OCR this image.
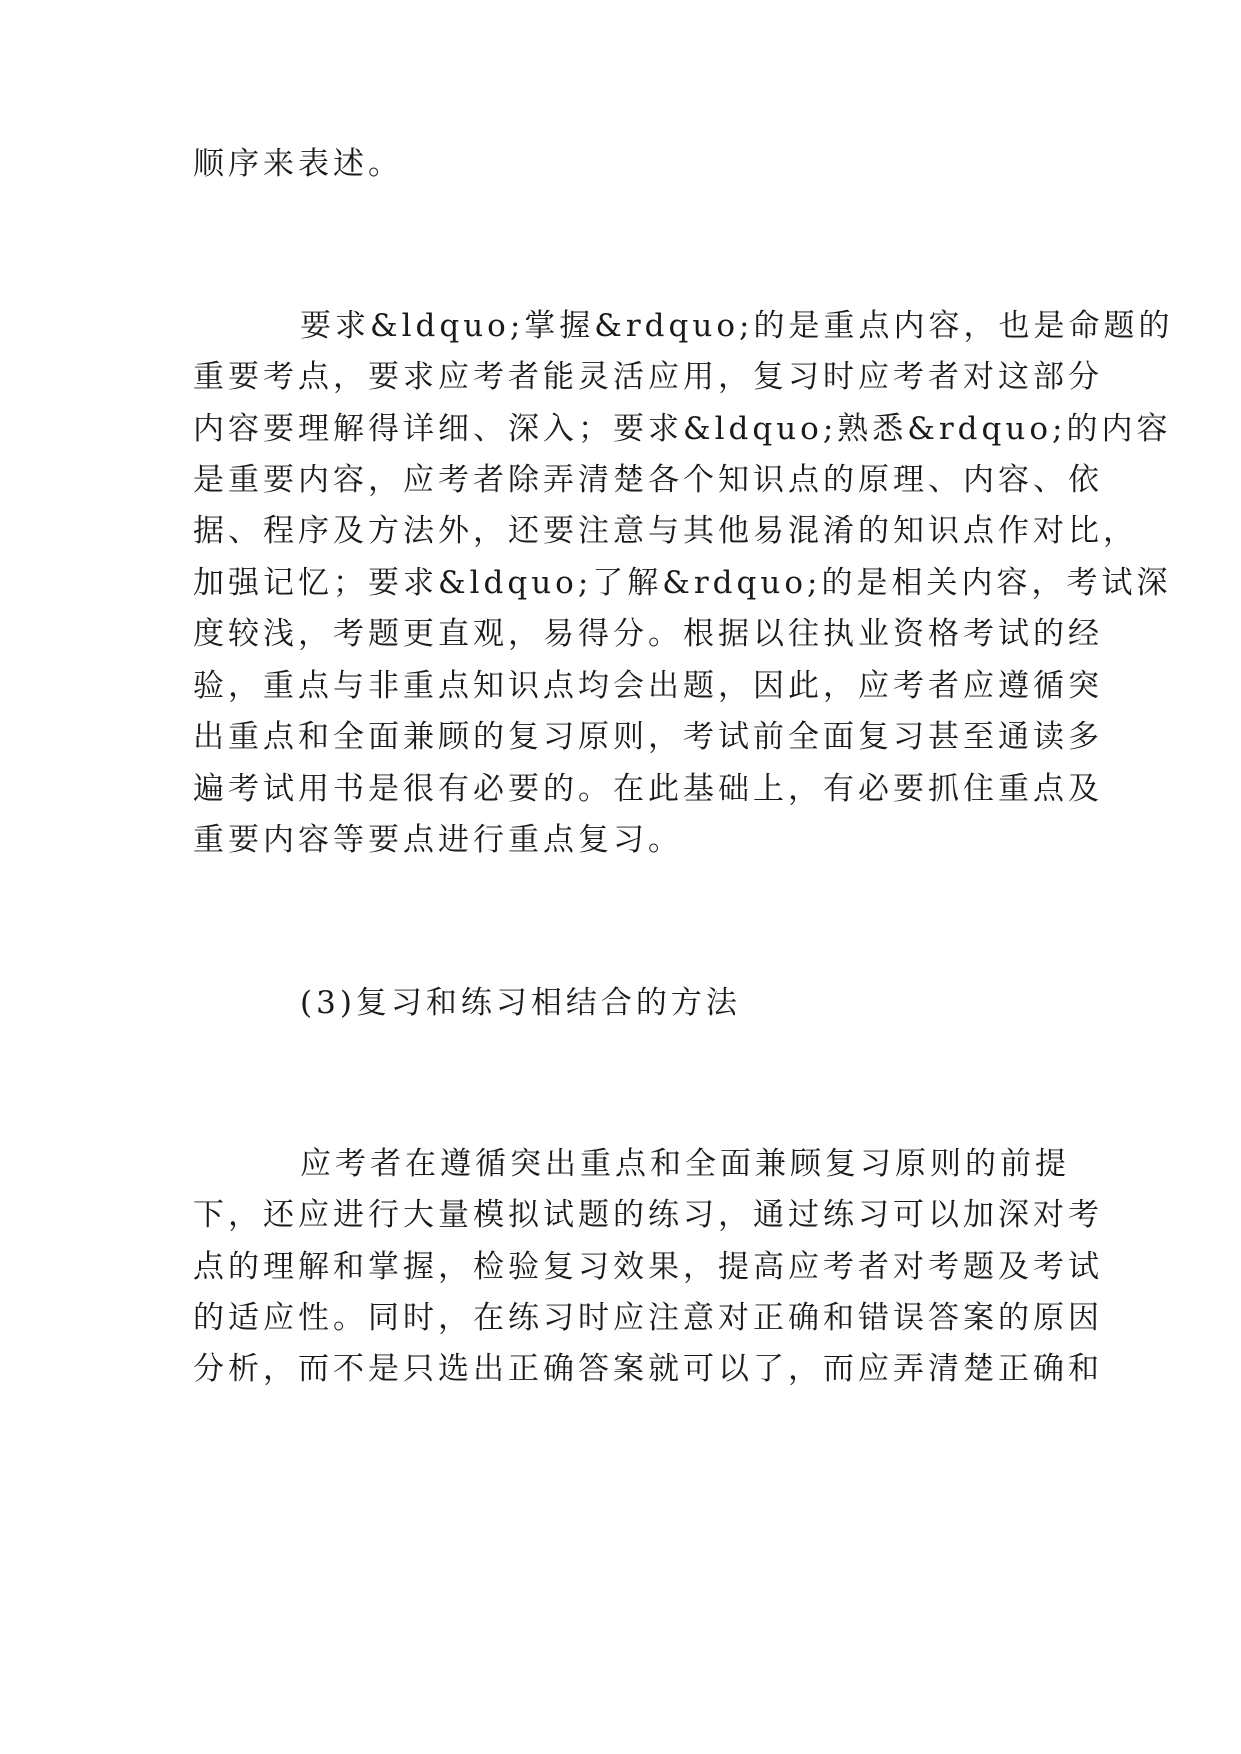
顺序来表述。
要求&ldquo;掌握&rdquo;的是重点内容，也是命题的
重要考点，要求应考者能灵活应用，复习时应考者对这部分
内容要理解得详细、深入；要求&ldquo;熟悉&rdquo;的内容
是重要内容，应考者除弄清楚各个知识点的原理、内容、依
据、程序及方法外，还要注意与其他易混淆的知识点作对比，
加强记忆；要求&ldquo;了解&rdquo;的是相关内容，考试深
度较浅，考题更直观，易得分。根据以往执业资格考试的经
验，重点与非重点知识点均会出题，因此，应考者应遵循突
出重点和全面兼顾的复习原则，考试前全面复习甚至通读多
遍考试用书是很有必要的。在此基础上，有必要抓住重点及
重要内容等要点进行重点复习。
(3)复习和练习相结合的方法
应考者在遵循突出重点和全面兼顾复习原则的前提
下，还应进行大量模拟试题的练习，通过练习可以加深对考
点的理解和掌握，检验复习效果，提高应考者对考题及考试
的适应性。同时，在练习时应注意对正确和错误答案的原因
分析，而不是只选出正确答案就可以了，而应弄清楚正确和
